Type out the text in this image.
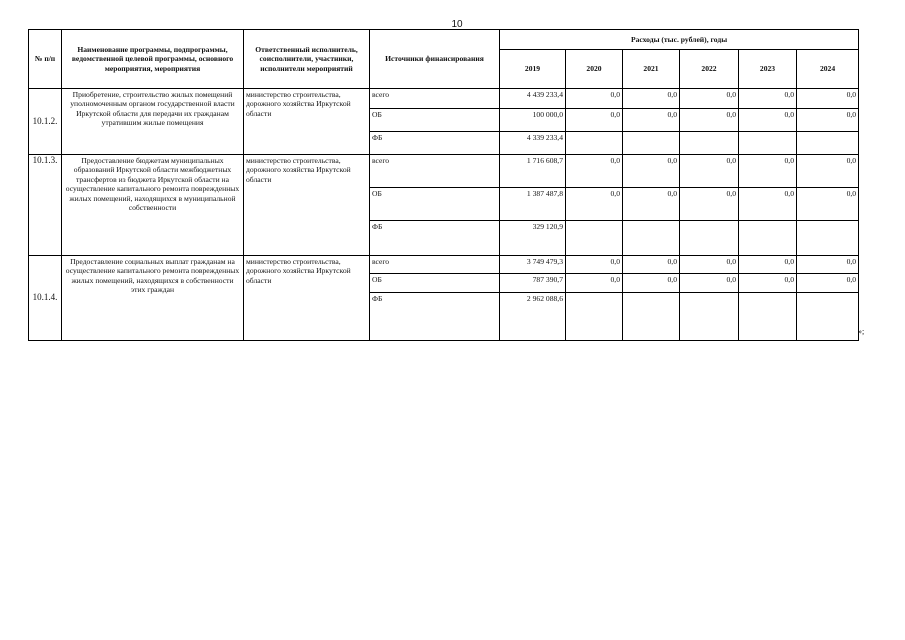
10
№ п/п	Наименование программы, подпрограммы, ведомственной целевой программы, основного мероприятия, мероприятия	Ответственный исполнитель, соисполнители, участники, исполнители мероприятий	Источники финансирования	Расходы (тыс. рублей), годы					
				2019	2020	2021	2022	2023	2024
10.1.2.	Приобретение, строительство жилых помещений уполномоченным органом государственной власти Иркутской области для передачи их гражданам утратившим жилые помещения	министерство строительства, дорожного хозяйства Иркутской области	всего	4 439 233,4	0,0	0,0	0,0	0,0	0,0
			ОБ	100 000,0	0,0	0,0	0,0	0,0	0,0
			ФБ	4 339 233,4					
10.1.3.	Предоставление бюджетам муниципальных образований Иркутской области межбюджетных трансфертов из бюджета Иркутской области на осуществление капитального ремонта поврежденных жилых помещений, находящихся в муниципальной собственности	министерство строительства, дорожного хозяйства Иркутской области	всего	1 716 608,7	0,0	0,0	0,0	0,0	0,0
			ОБ	1 387 487,8	0,0	0,0	0,0	0,0	0,0
			ФБ	329 120,9					
10.1.4.	Предоставление социальных выплат гражданам на осуществление капитального ремонта поврежденных жилых помещений, находящихся в собственности этих граждан	министерство строительства, дорожного хозяйства Иркутской области	всего	3 749 479,3	0,0	0,0	0,0	0,0	0,0
			ОБ	787 390,7	0,0	0,0	0,0	0,0	0,0
			ФБ	2 962 088,6					
»;
